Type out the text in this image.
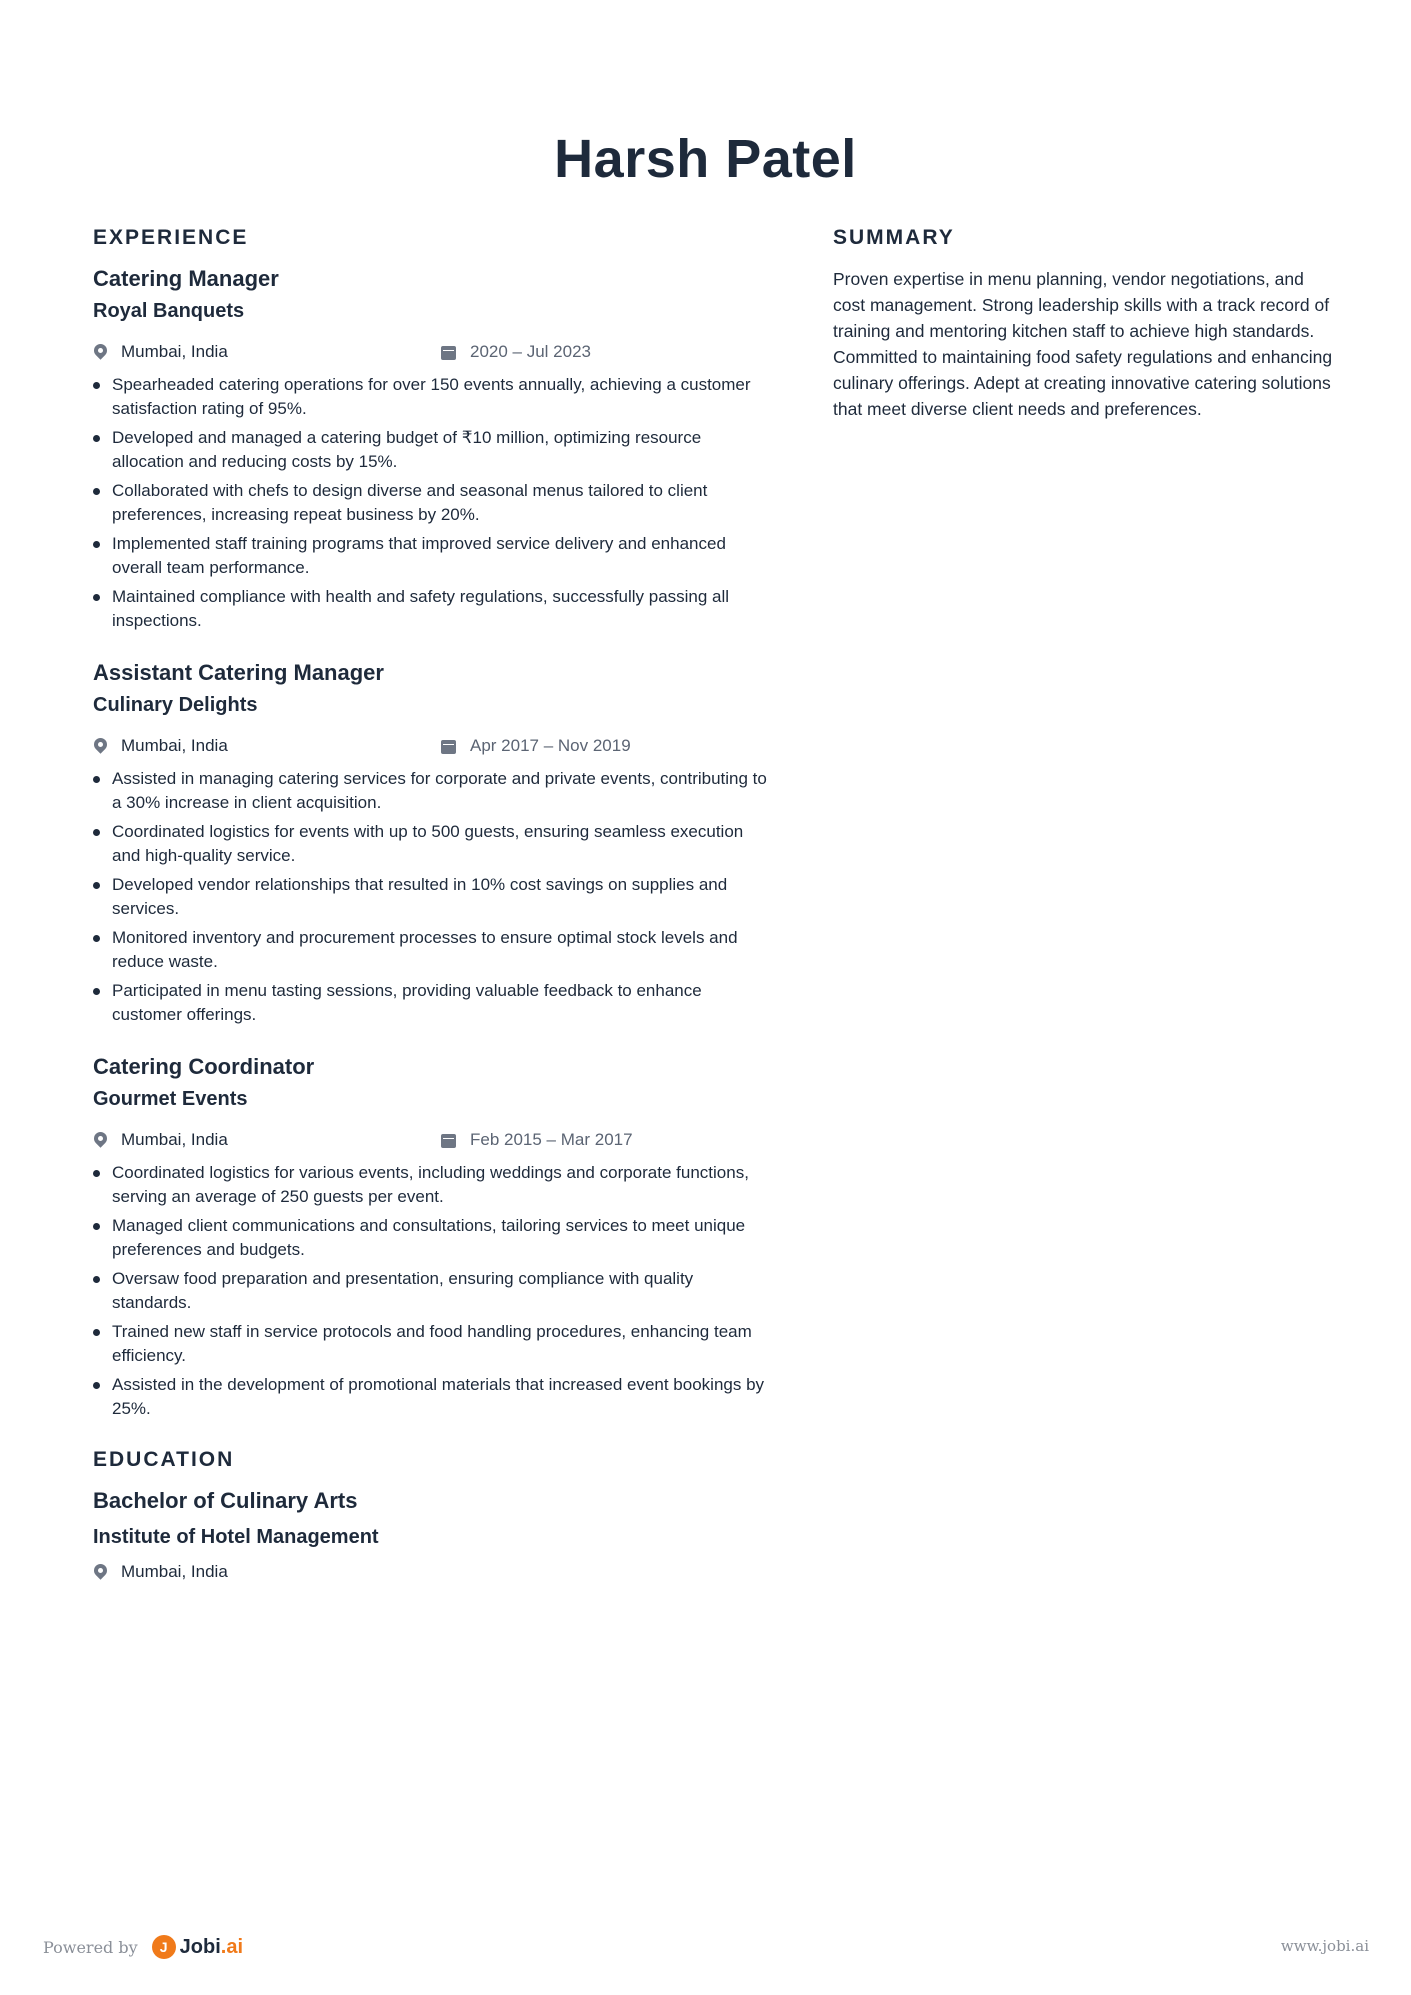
Harsh Patel
EXPERIENCE
Catering Manager
Royal Banquets
Mumbai, India	2020 – Jul 2023
Spearheaded catering operations for over 150 events annually, achieving a customer satisfaction rating of 95%.
Developed and managed a catering budget of ₹10 million, optimizing resource allocation and reducing costs by 15%.
Collaborated with chefs to design diverse and seasonal menus tailored to client preferences, increasing repeat business by 20%.
Implemented staff training programs that improved service delivery and enhanced overall team performance.
Maintained compliance with health and safety regulations, successfully passing all inspections.
Assistant Catering Manager
Culinary Delights
Mumbai, India	Apr 2017 – Nov 2019
Assisted in managing catering services for corporate and private events, contributing to a 30% increase in client acquisition.
Coordinated logistics for events with up to 500 guests, ensuring seamless execution and high-quality service.
Developed vendor relationships that resulted in 10% cost savings on supplies and services.
Monitored inventory and procurement processes to ensure optimal stock levels and reduce waste.
Participated in menu tasting sessions, providing valuable feedback to enhance customer offerings.
Catering Coordinator
Gourmet Events
Mumbai, India	Feb 2015 – Mar 2017
Coordinated logistics for various events, including weddings and corporate functions, serving an average of 250 guests per event.
Managed client communications and consultations, tailoring services to meet unique preferences and budgets.
Oversaw food preparation and presentation, ensuring compliance with quality standards.
Trained new staff in service protocols and food handling procedures, enhancing team efficiency.
Assisted in the development of promotional materials that increased event bookings by 25%.
EDUCATION
Bachelor of Culinary Arts
Institute of Hotel Management
Mumbai, India
SUMMARY

Proven expertise in menu planning, vendor negotiations, and cost management. Strong leadership skills with a track record of training and mentoring kitchen staff to achieve high standards. Committed to maintaining food safety regulations and enhancing culinary offerings. Adept at creating innovative catering solutions that meet diverse client needs and preferences.

Powered by	J Jobi.ai	www.jobi.ai
